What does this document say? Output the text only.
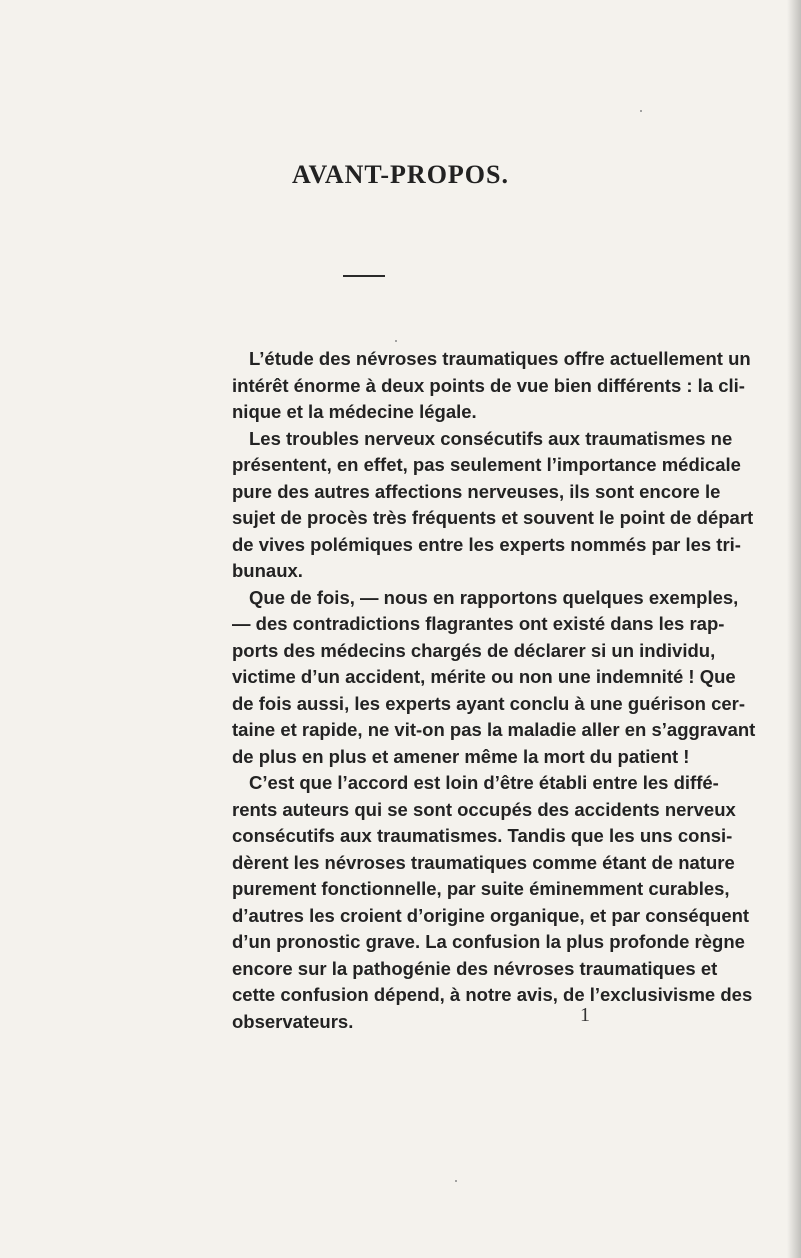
AVANT-PROPOS.
L’étude des névroses traumatiques offre actuellement un
intérêt énorme à deux points de vue bien différents : la cli-
nique et la médecine légale.
Les troubles nerveux consécutifs aux traumatismes ne
présentent, en effet, pas seulement l’importance médicale
pure des autres affections nerveuses, ils sont encore le
sujet de procès très fréquents et souvent le point de départ
de vives polémiques entre les experts nommés par les tri-
bunaux.
Que de fois, — nous en rapportons quelques exemples,
— des contradictions flagrantes ont existé dans les rap-
ports des médecins chargés de déclarer si un individu,
victime d’un accident, mérite ou non une indemnité ! Que
de fois aussi, les experts ayant conclu à une guérison cer-
taine et rapide, ne vit-on pas la maladie aller en s’aggravant
de plus en plus et amener même la mort du patient !
C’est que l’accord est loin d’être établi entre les diffé-
rents auteurs qui se sont occupés des accidents nerveux
consécutifs aux traumatismes. Tandis que les uns consi-
dèrent les névroses traumatiques comme étant de nature
purement fonctionnelle, par suite éminemment curables,
d’autres les croient d’origine organique, et par conséquent
d’un pronostic grave. La confusion la plus profonde règne
encore sur la pathogénie des névroses traumatiques et
cette confusion dépend, à notre avis, de l’exclusivisme des
observateurs.	1
